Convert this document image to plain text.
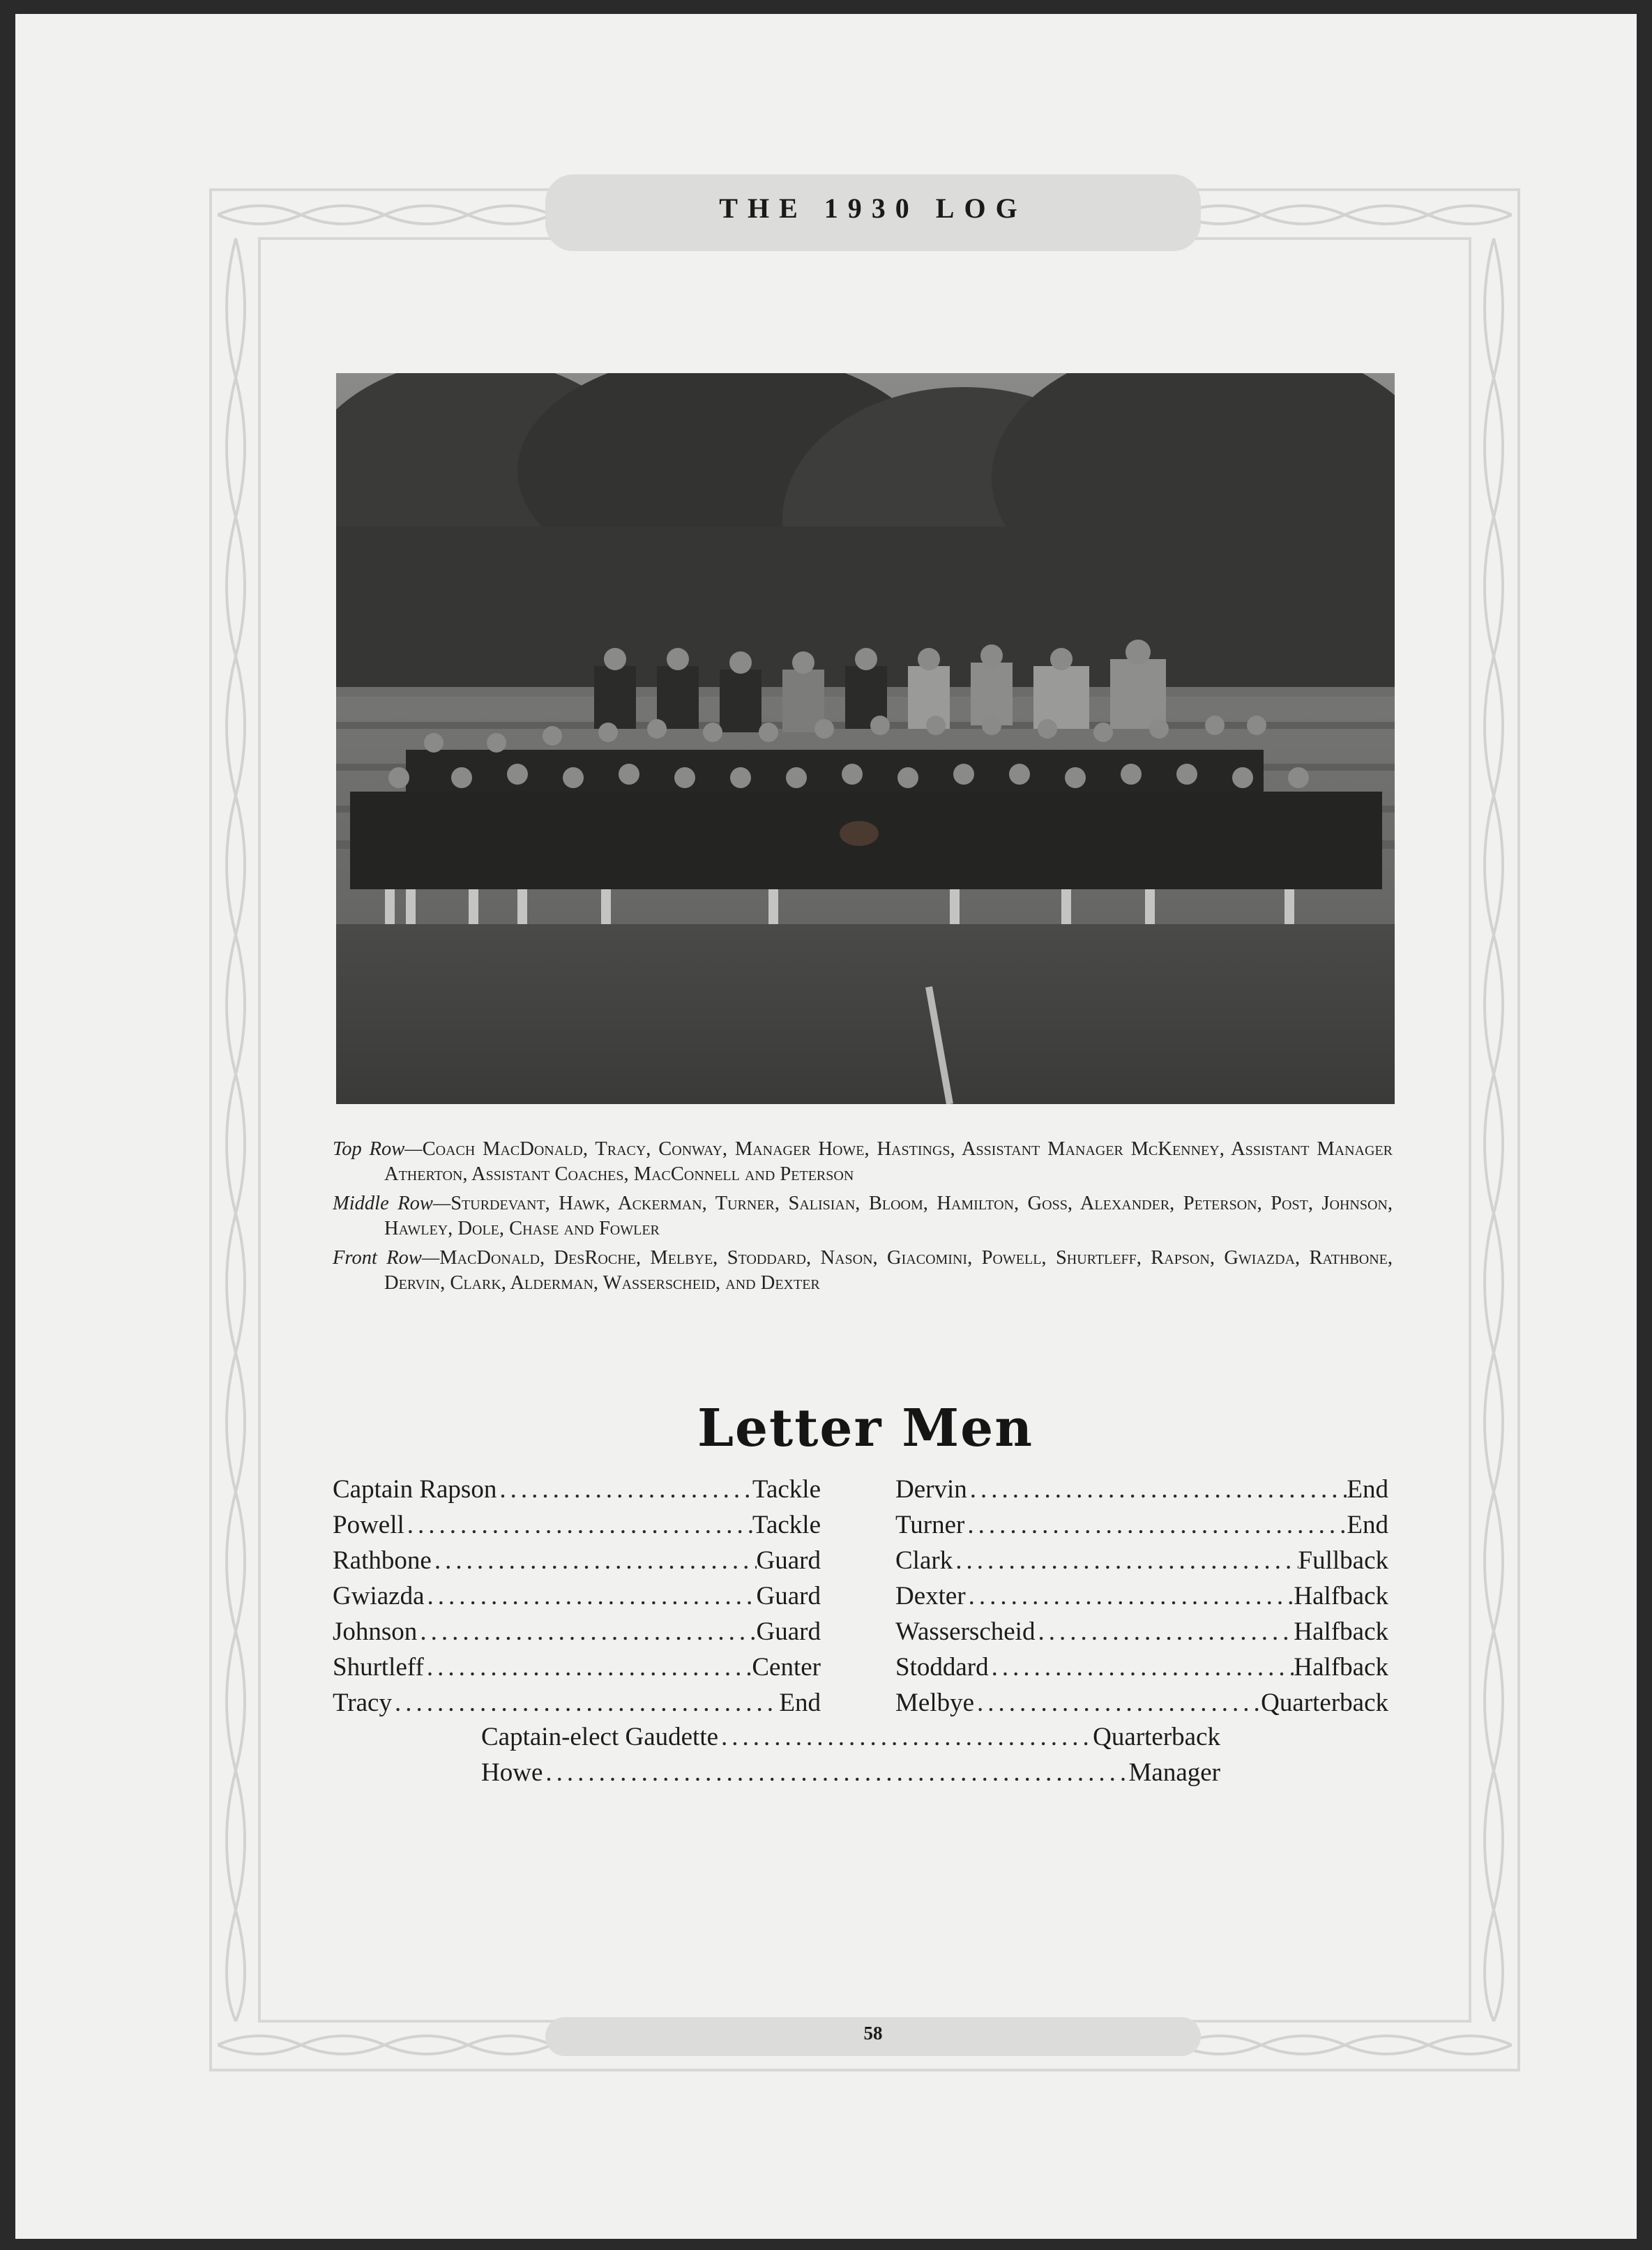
THE 1930 LOG

Top Row—Coach MacDonald, Tracy, Conway, Manager Howe, Hastings, Assistant Manager McKenney, Assistant Manager Atherton, Assistant Coaches, MacConnell and Peterson

Middle Row—Sturdevant, Hawk, Ackerman, Turner, Salisian, Bloom, Hamilton, Goss, Alexander, Peterson, Post, Johnson, Hawley, Dole, Chase and Fowler

Front Row—MacDonald, DesRoche, Melbye, Stoddard, Nason, Giacomini, Powell, Shurtleff, Rapson, Gwiazda, Rathbone, Dervin, Clark, Alderman, Wasserscheid, and Dexter

Letter Men
Captain Rapson .....	Tackle
Powell .....	Tackle
Rathbone .....	Guard
Gwiazda .....	Guard
Johnson .....	Guard
Shurtleff .....	Center
Tracy .....	End
Dervin .....	End
Turner .....	End
Clark .....	Fullback
Dexter .....	Halfback
Wasserscheid .....	Halfback
Stoddard .....	Halfback
Melbye .....	Quarterback
Captain-elect Gaudette .....	Quarterback
Howe .....	Manager
58
